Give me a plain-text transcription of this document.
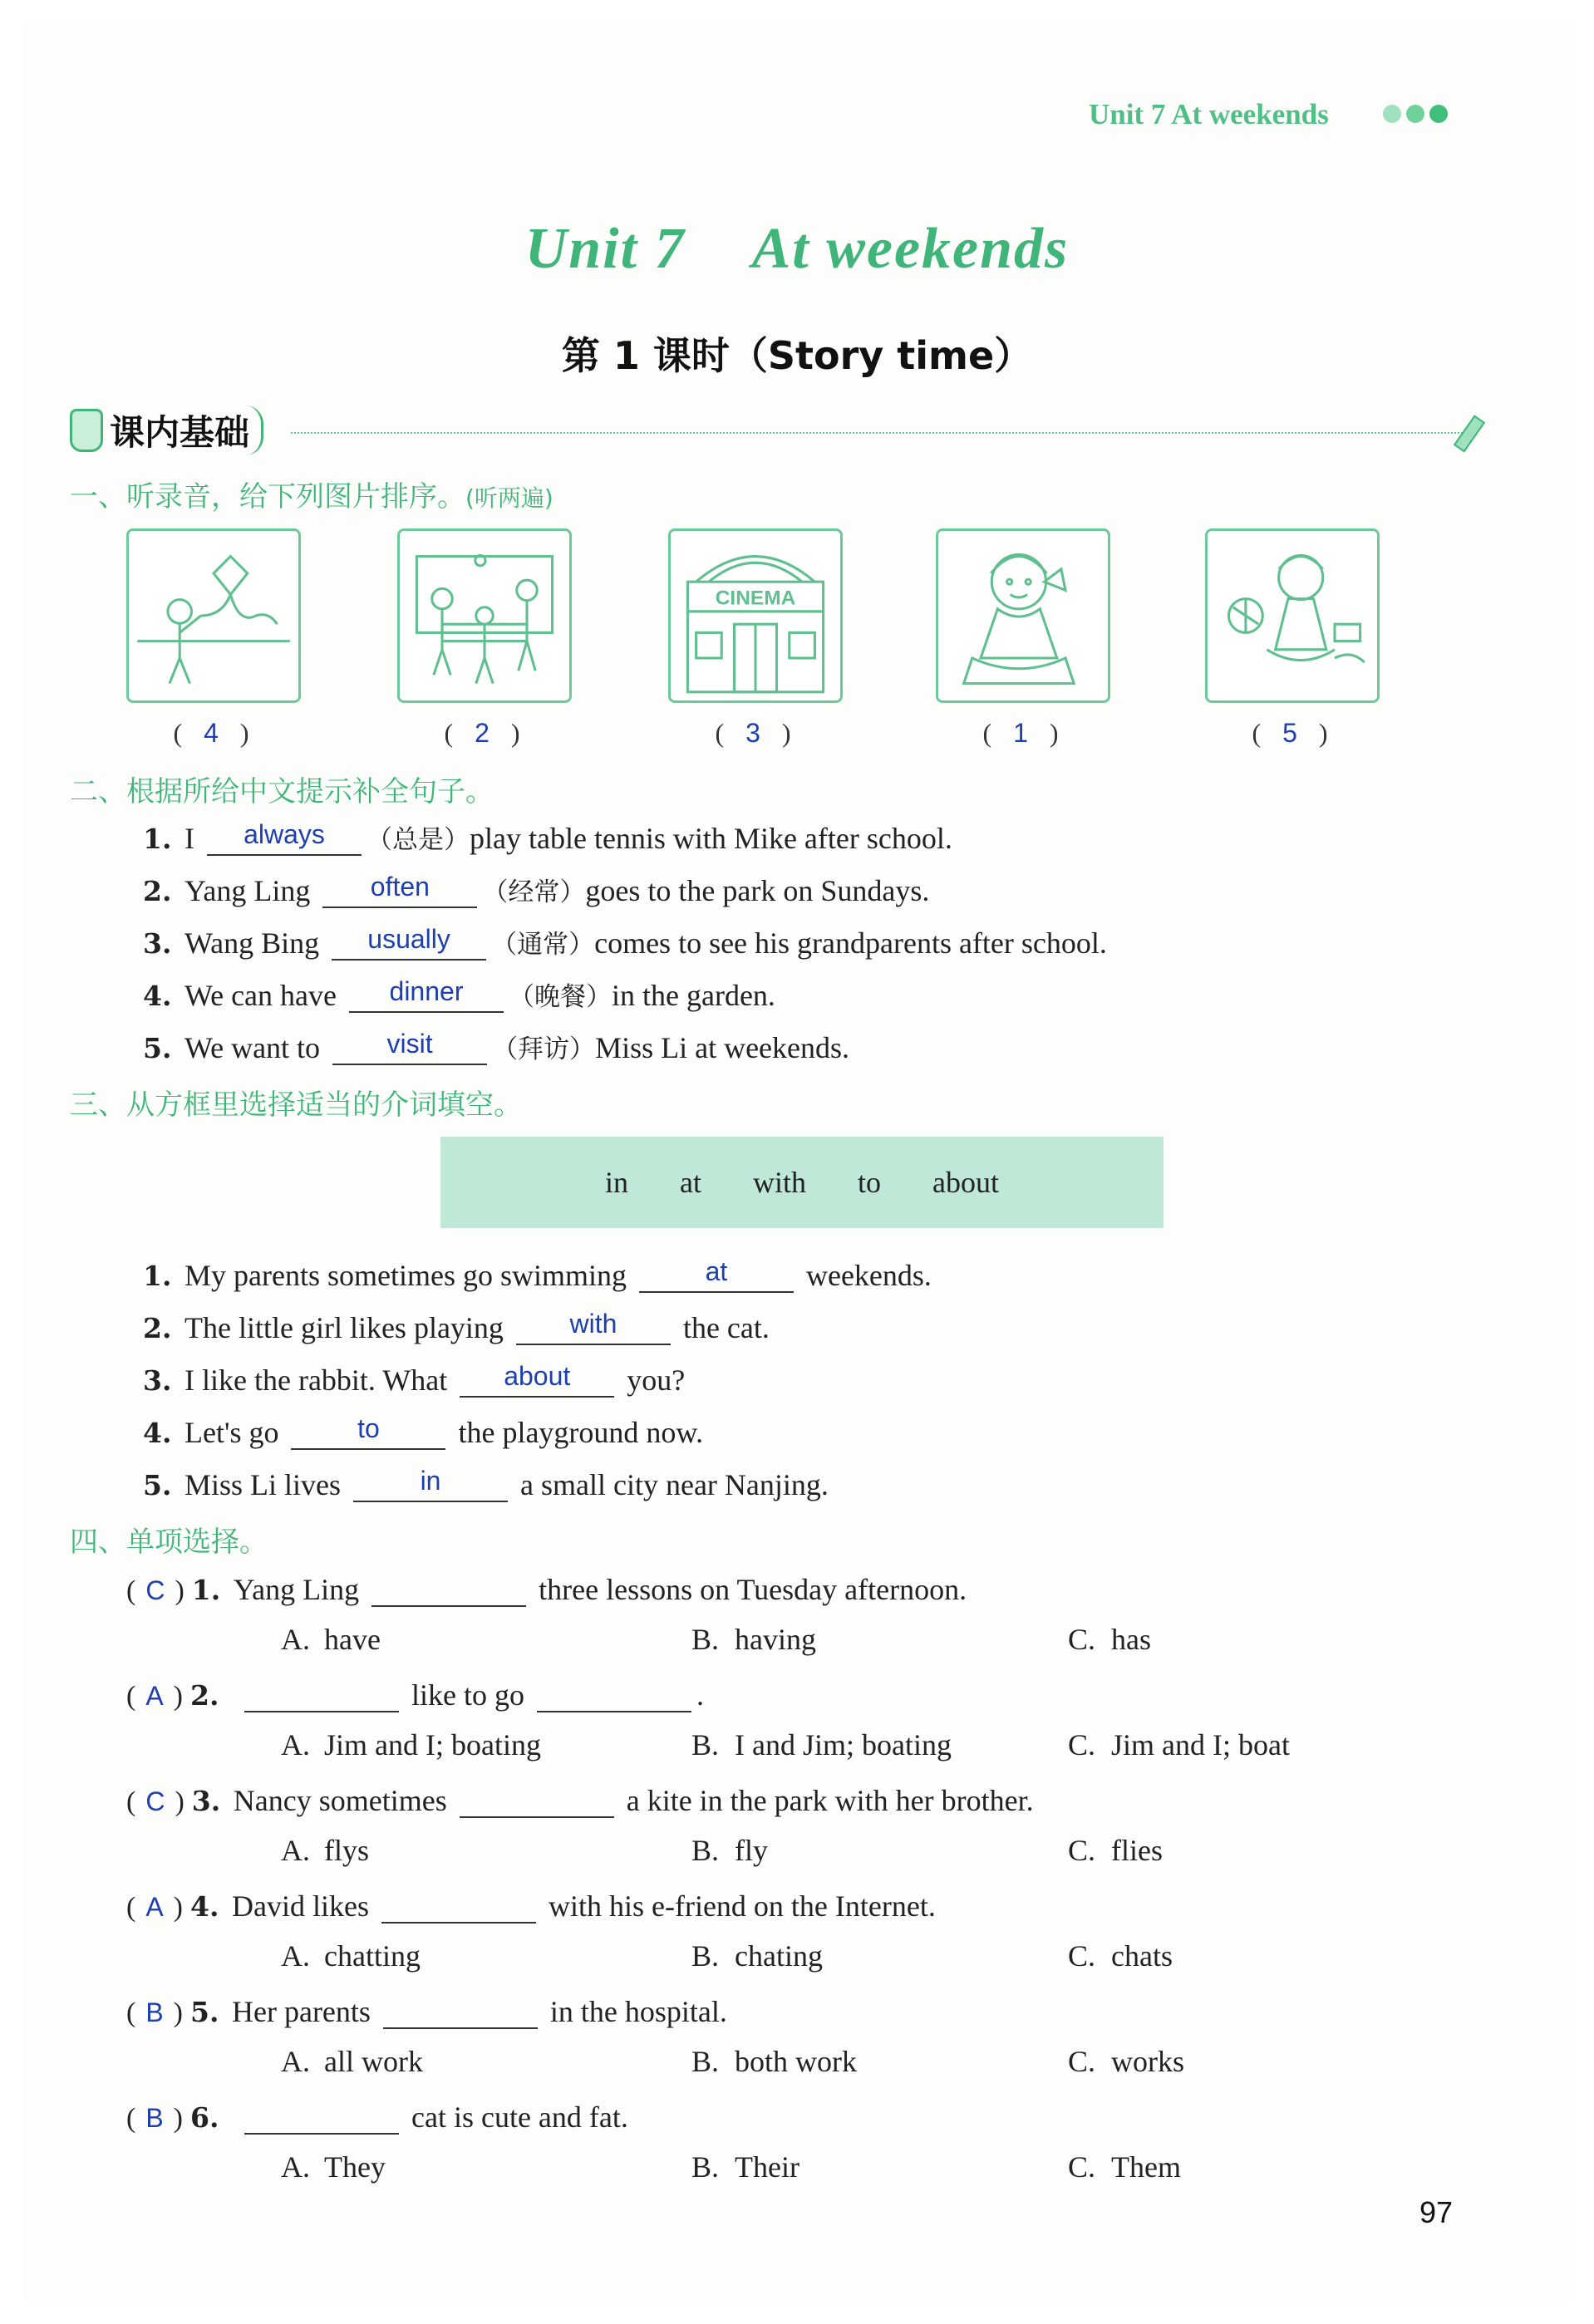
Unit 7 At weekends
Unit 7 At weekends
第 1 课时（Story time）
课内基础
一、听录音，给下列图片排序。(听两遍)
( 4 )	( 2 )
CINEMA
( 3 )	( 1 )	( 5 )
二、根据所给中文提示补全句子。
1. I always （总是）play table tennis with Mike after school.
2. Yang Ling often （经常）goes to the park on Sundays.
3. Wang Bing usually （通常）comes to see his grandparents after school.
4. We can have dinner （晚餐）in the garden.
5. We want to	visit （拜访）Miss Li at weekends.
三、从方框里选择适当的介词填空。
in at with to about
1. My parents sometimes go swimming	at	weekends.
2. The little girl likes playing with the cat.
3. I like the rabbit. What about you?
4. Let's go	to	the playground now.
5. Miss Li lives	in	a small city near Nanjing.
四、单项选择。
( C ) 1. Yang Ling	three lessons on Tuesday afternoon.
A. have	B. having	C. has
( A ) 2.	like to go	.
A. Jim and I; boating	B. I and Jim; boating	C. Jim and I; boat
( C ) 3. Nancy sometimes	a kite in the park with her brother.
A. flys	B. fly	C. flies
( A ) 4. David likes	with his e-friend on the Internet.
A. chatting	B. chating	C. chats
( B ) 5. Her parents	in the hospital.
A. all work	B. both work	C. works
( B ) 6.	cat is cute and fat.
A. They	B. Their	C. Them
97
